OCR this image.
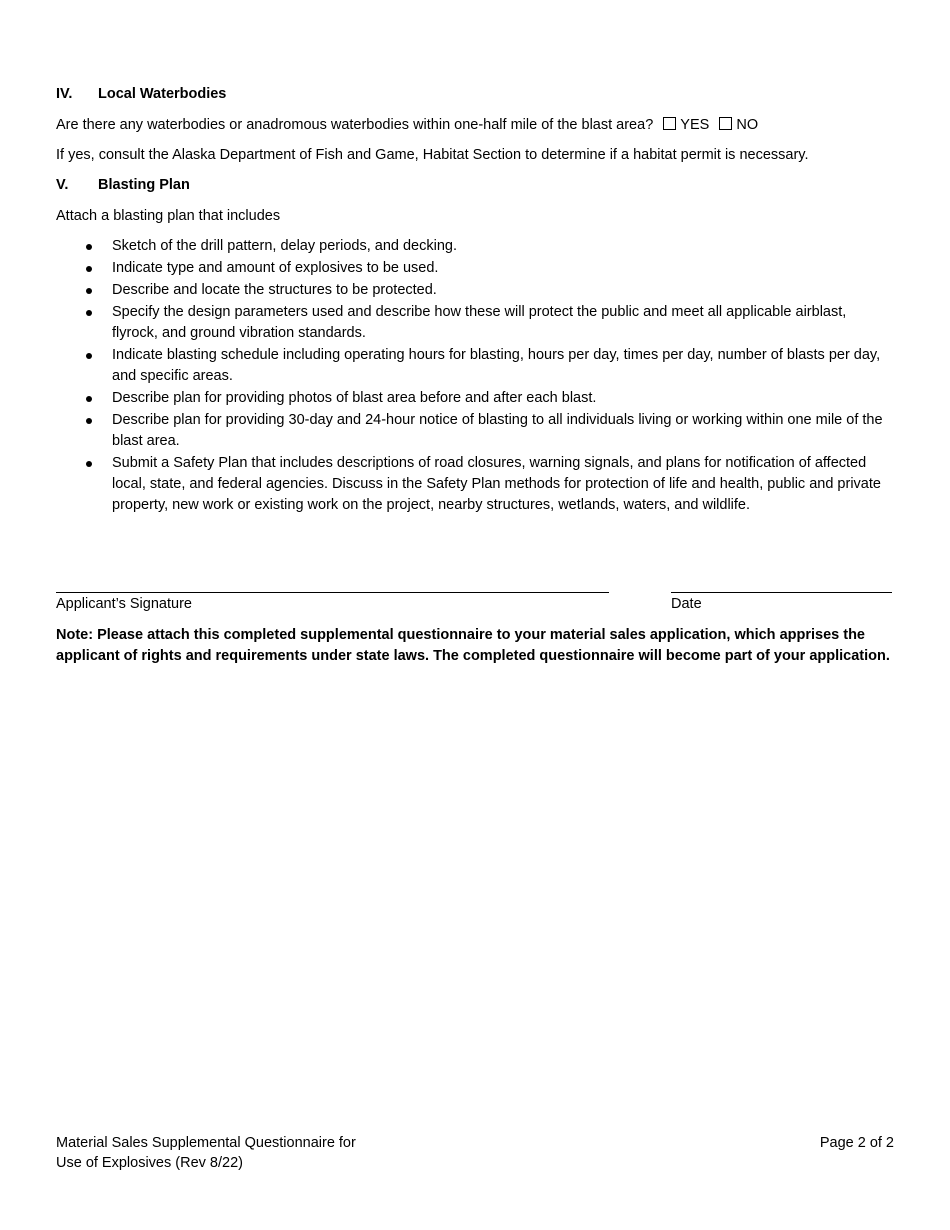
IV. Local Waterbodies
Are there any waterbodies or anadromous waterbodies within one-half mile of the blast area? YES NO
If yes, consult the Alaska Department of Fish and Game, Habitat Section to determine if a habitat permit is necessary.
V. Blasting Plan
Attach a blasting plan that includes
Sketch of the drill pattern, delay periods, and decking.
Indicate type and amount of explosives to be used.
Describe and locate the structures to be protected.
Specify the design parameters used and describe how these will protect the public and meet all applicable airblast, flyrock, and ground vibration standards.
Indicate blasting schedule including operating hours for blasting, hours per day, times per day, number of blasts per day, and specific areas.
Describe plan for providing photos of blast area before and after each blast.
Describe plan for providing 30-day and 24-hour notice of blasting to all individuals living or working within one mile of the blast area.
Submit a Safety Plan that includes descriptions of road closures, warning signals, and plans for notification of affected local, state, and federal agencies. Discuss in the Safety Plan methods for protection of life and health, public and private property, new work or existing work on the project, nearby structures, wetlands, waters, and wildlife.
Applicant’s Signature	Date
Note: Please attach this completed supplemental questionnaire to your material sales application, which apprises the applicant of rights and requirements under state laws. The completed questionnaire will become part of your application.
Material Sales Supplemental Questionnaire for
Use of Explosives (Rev 8/22)
Page 2 of 2
